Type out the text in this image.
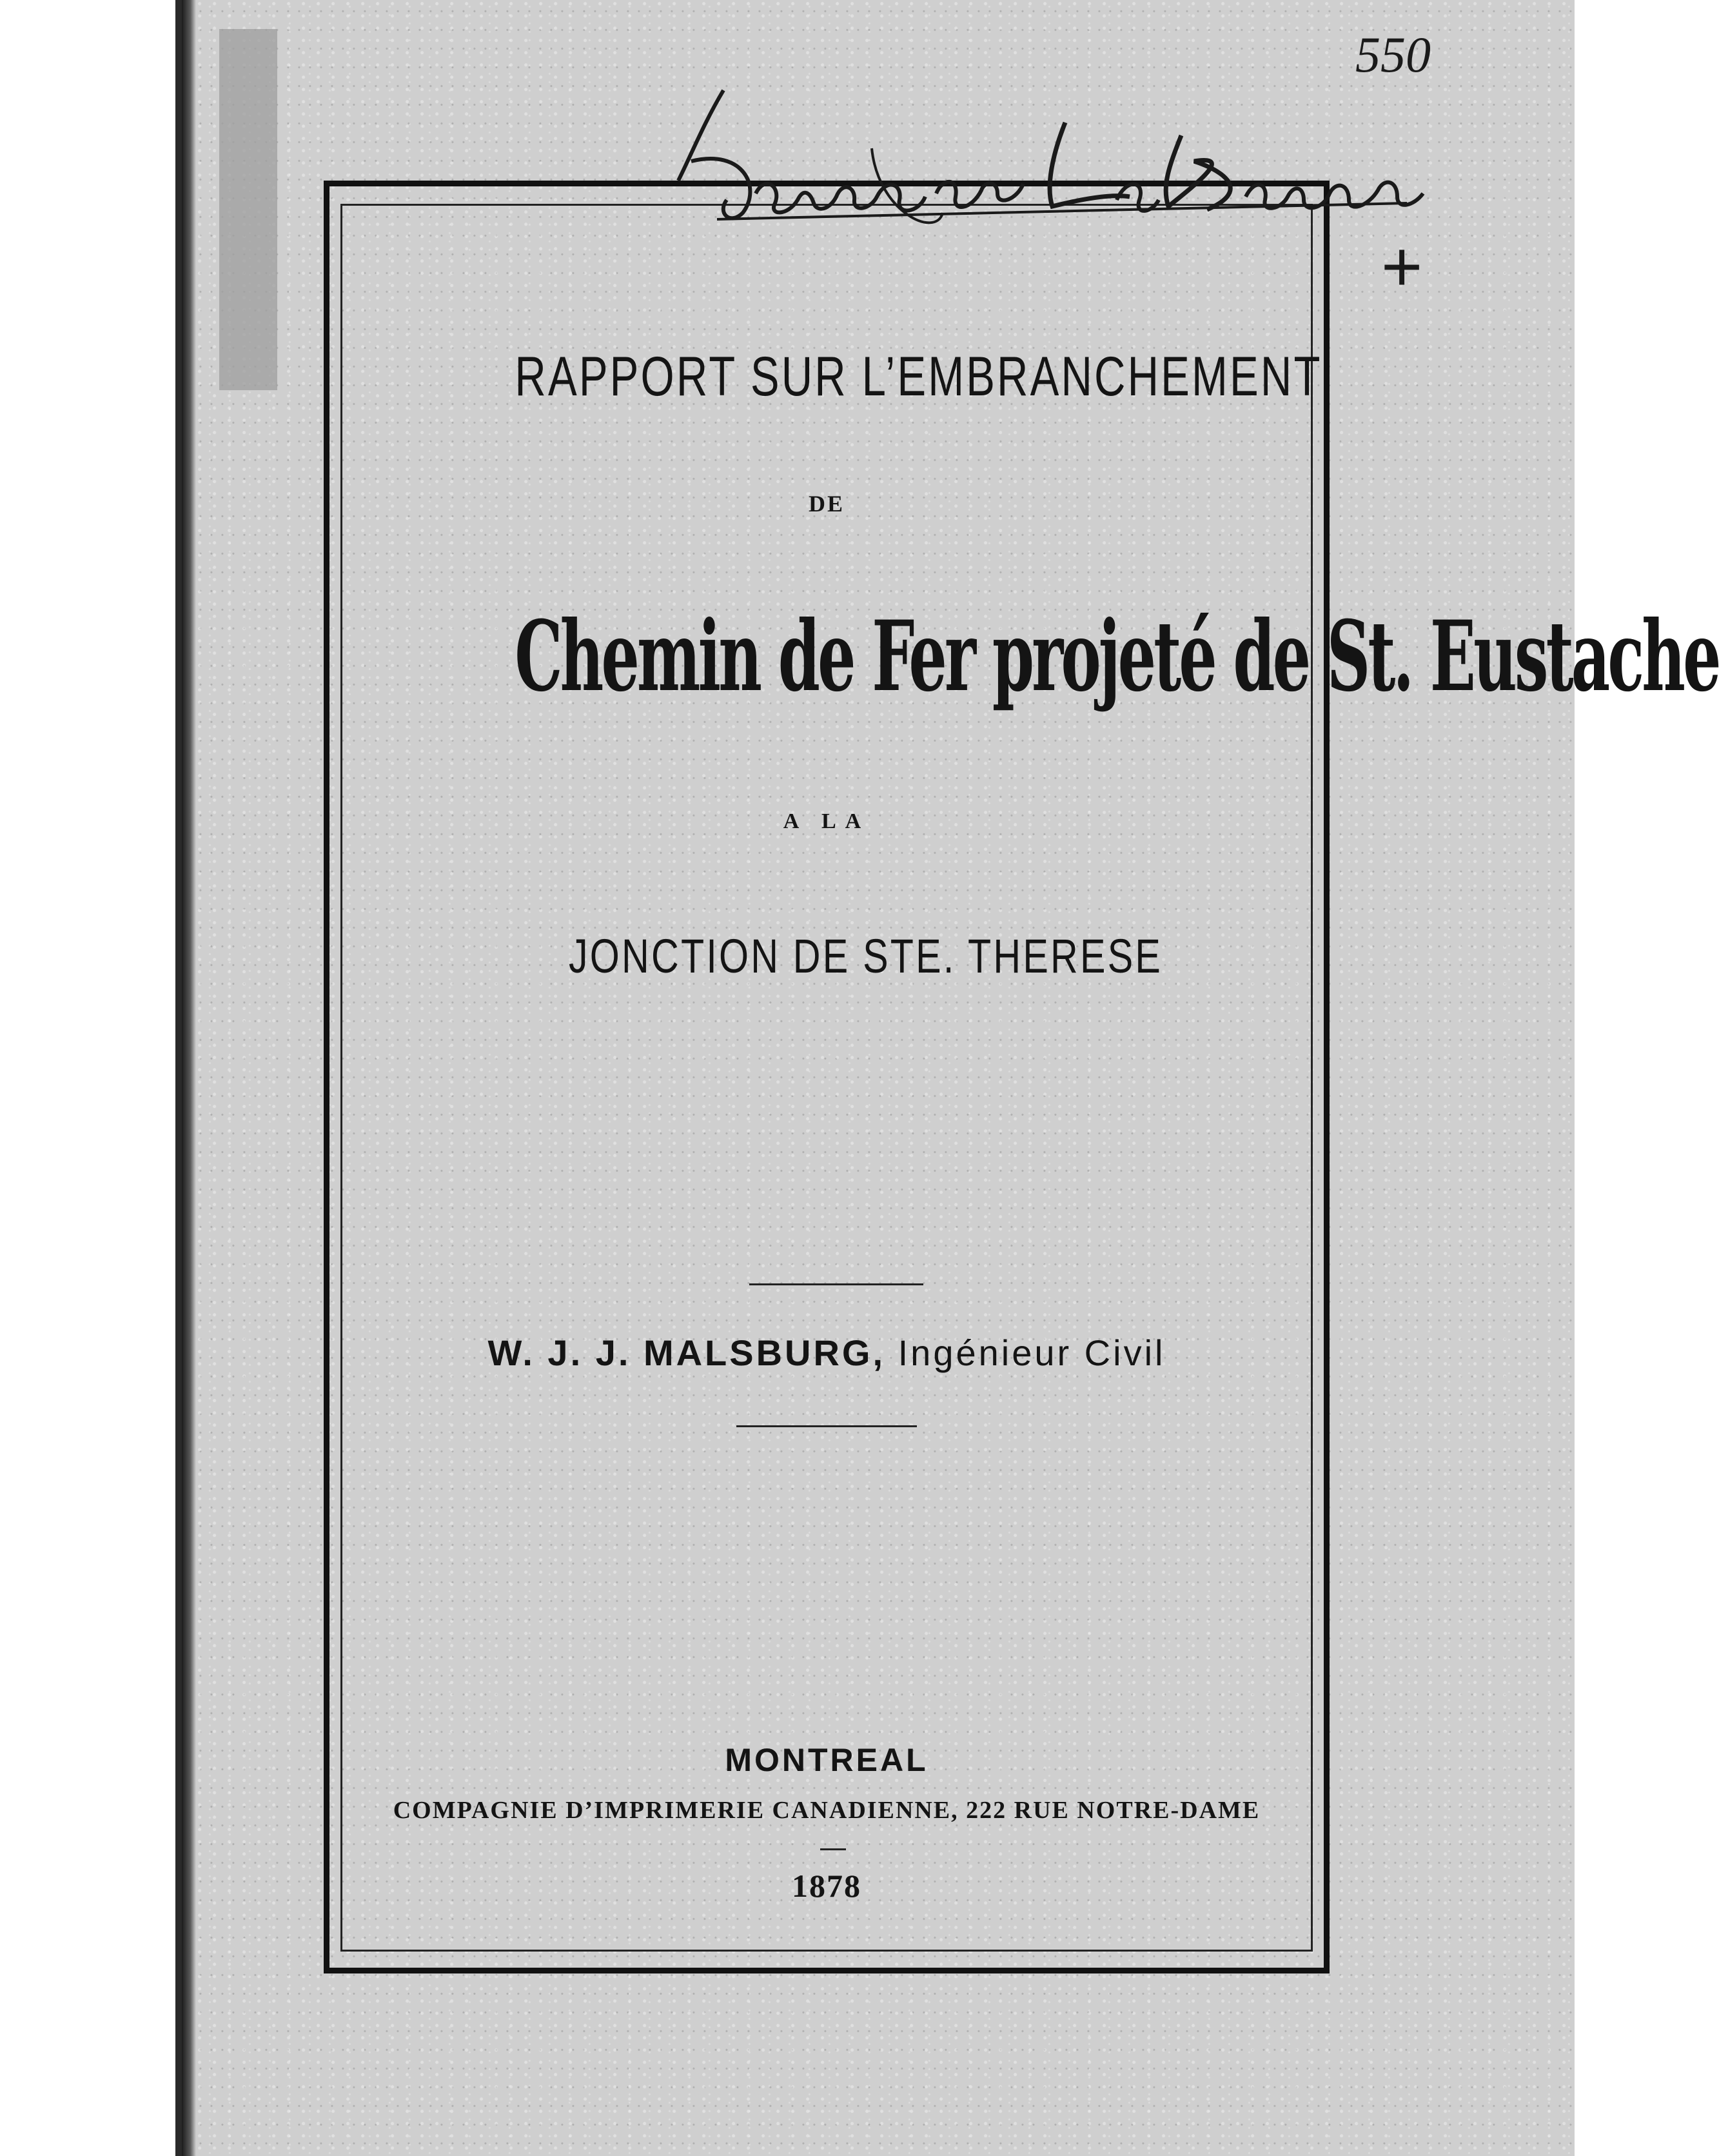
550
+
RAPPORT SUR L’EMBRANCHEMENT
DE
Chemin de Fer projeté de St. Eustache
A LA
JONCTION DE STE. THERESE
W. J. J. MALSBURG, Ingénieur Civil
MONTREAL
COMPAGNIE D’IMPRIMERIE CANADIENNE, 222 RUE NOTRE-DAME
1878
